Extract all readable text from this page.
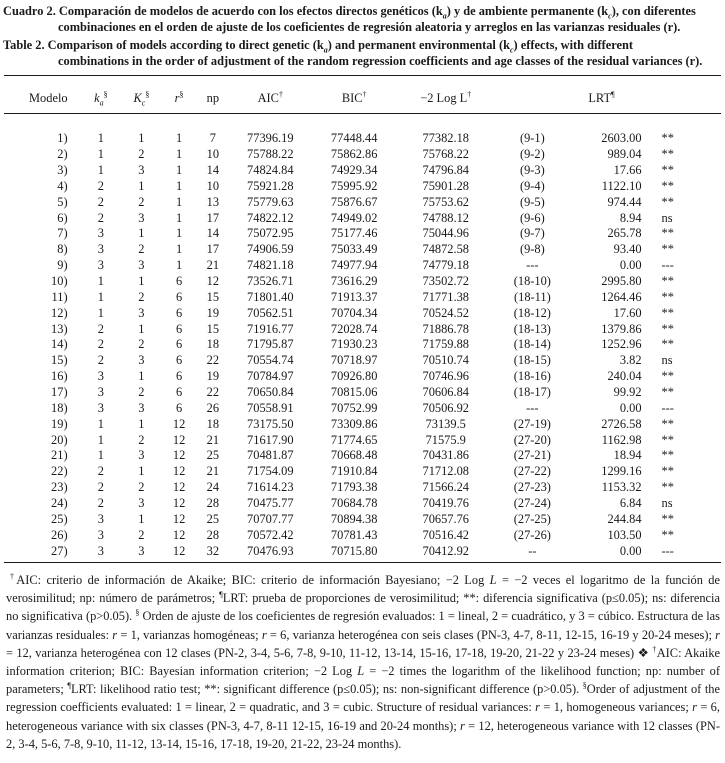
Cuadro 2. Comparación de modelos de acuerdo con los efectos directos genéticos $(k_a)$ y de ambiente permanente $(k_c)$, con diferentes
combinaciones en el orden de ajuste de los coeficientes de regresión aleatoria y arreglos en las varianzas residuales (r).
Table 2. Comparison of models according to direct genetic $(k_a)$ and permanent environmental $(k_c)$ effects, with different
combinations in the order of adjustment of the random regression coefficients and age classes of the residual variances (r).
Modelo	$k_a^\S$	$K_c^\S$	r§	np	AIC†	BIC†	−2 Log L†	LRT¶	

1)	1	1	1	7	77396.19	77448.44	77382.18	(9-1)	2603.00	**
2)	1	2	1	10	75788.22	75862.86	75768.22	(9-2)	989.04	**
3)	1	3	1	14	74824.84	74929.34	74796.84	(9-3)	17.66	**
4)	2	1	1	10	75921.28	75995.92	75901.28	(9-4)	1122.10	**
5)	2	2	1	13	75779.63	75876.67	75753.62	(9-5)	974.44	**
6)	2	3	1	17	74822.12	74949.02	74788.12	(9-6)	8.94	ns
7)	3	1	1	14	75072.95	75177.46	75044.96	(9-7)	265.78	**
8)	3	2	1	17	74906.59	75033.49	74872.58	(9-8)	93.40	**
9)	3	3	1	21	74821.18	74977.94	74779.18	---	0.00	---
10)	1	1	6	12	73526.71	73616.29	73502.72	(18-10)	2995.80	**
11)	1	2	6	15	71801.40	71913.37	71771.38	(18-11)	1264.46	**
12)	1	3	6	19	70562.51	70704.34	70524.52	(18-12)	17.60	**
13)	2	1	6	15	71916.77	72028.74	71886.78	(18-13)	1379.86	**
14)	2	2	6	18	71795.87	71930.23	71759.88	(18-14)	1252.96	**
15)	2	3	6	22	70554.74	70718.97	70510.74	(18-15)	3.82	ns
16)	3	1	6	19	70784.97	70926.80	70746.96	(18-16)	240.04	**
17)	3	2	6	22	70650.84	70815.06	70606.84	(18-17)	99.92	**
18)	3	3	6	26	70558.91	70752.99	70506.92	---	0.00	---
19)	1	1	12	18	73175.50	73309.86	73139.5	(27-19)	2726.58	**
20)	1	2	12	21	71617.90	71774.65	71575.9	(27-20)	1162.98	**
21)	1	3	12	25	70481.87	70668.48	70431.86	(27-21)	18.94	**
22)	2	1	12	21	71754.09	71910.84	71712.08	(27-22)	1299.16	**
23)	2	2	12	24	71614.23	71793.38	71566.24	(27-23)	1153.32	**
24)	2	3	12	28	70475.77	70684.78	70419.76	(27-24)	6.84	ns
25)	3	1	12	25	70707.77	70894.38	70657.76	(27-25)	244.84	**
26)	3	2	12	28	70572.42	70781.43	70516.42	(27-26)	103.50	**
27)	3	3	12	32	70476.93	70715.80	70412.92	--	0.00	---
†AIC: criterio de información de Akaike; BIC: criterio de información Bayesiano; −2 Log L = −2 veces el logaritmo de la función de verosimilitud; np: número de parámetros; ¶LRT: prueba de proporciones de verosimilitud; **: diferencia significativa (p≤0.05); ns: diferencia no significativa (p>0.05). § Orden de ajuste de los coeficientes de regresión evaluados: 1 = lineal, 2 = cuadrático, y 3 = cúbico. Estructura de las varianzas residuales: r = 1, varianzas homogéneas; r = 6, varianza heterogénea con seis clases (PN-3, 4-7, 8-11, 12-15, 16-19 y 20-24 meses); r = 12, varianza heterogénea con 12 clases (PN-2, 3-4, 5-6, 7-8, 9-10, 11-12, 13-14, 15-16, 17-18, 19-20, 21-22 y 23-24 meses) ❖ †AIC: Akaike information criterion; BIC: Bayesian information criterion; −2 Log L = −2 times the logarithm of the likelihood function; np: number of parameters; ¶LRT: likelihood ratio test; **: significant difference (p≤0.05); ns: non-significant difference (p>0.05). §Order of adjustment of the regression coefficients evaluated: 1 = linear, 2 = quadratic, and 3 = cubic. Structure of residual variances: r = 1, homogeneous variances; r = 6, heterogeneous variance with six classes (PN-3, 4-7, 8-11 12-15, 16-19 and 20-24 months); r = 12, heterogeneous variance with 12 classes (PN-2, 3-4, 5-6, 7-8, 9-10, 11-12, 13-14, 15-16, 17-18, 19-20, 21-22, 23-24 months).
